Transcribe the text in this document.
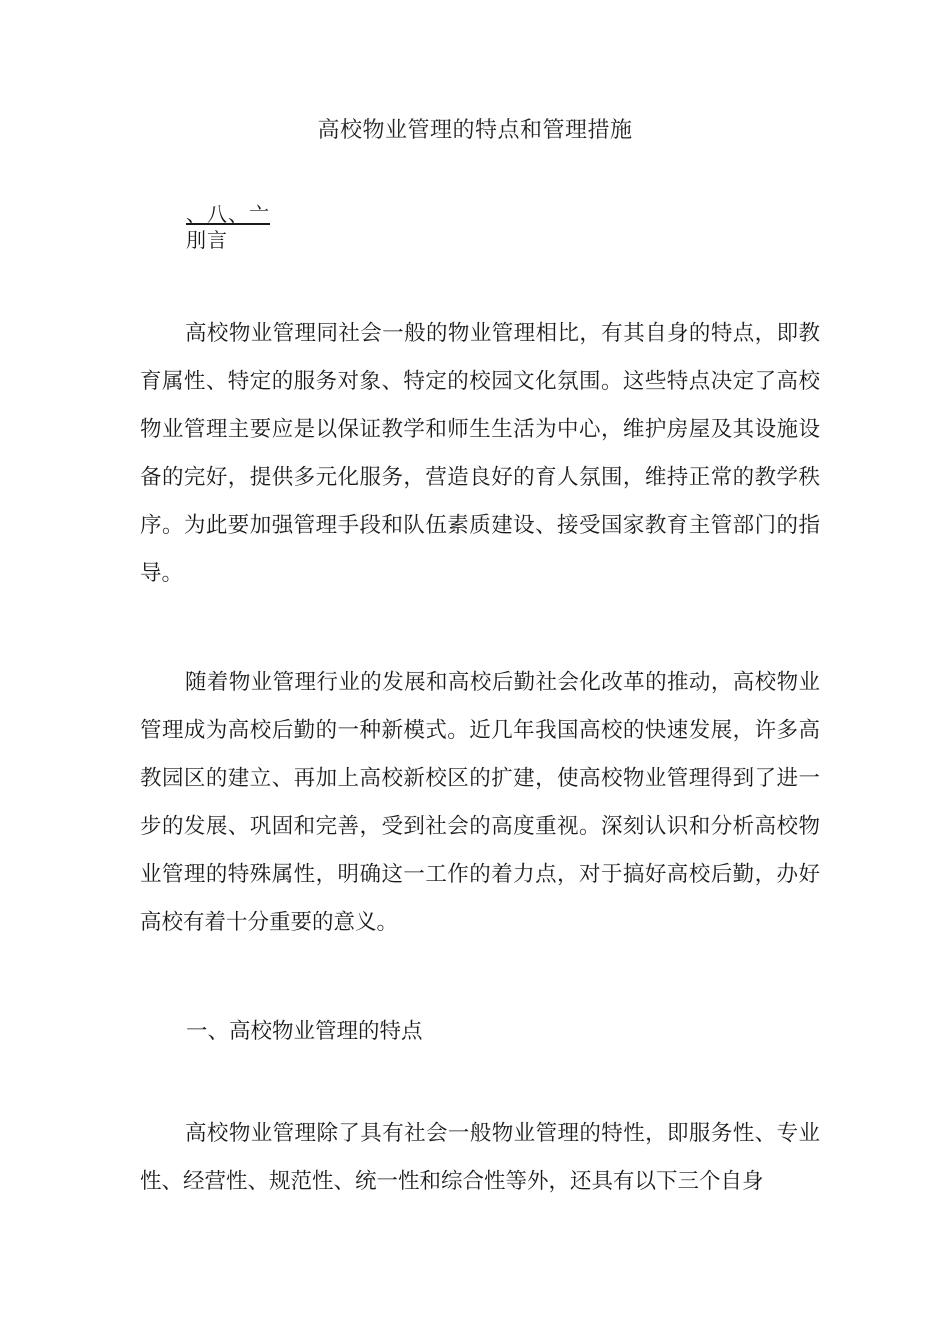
高校物业管理的特点和管理措施
、八、亠
刖言

高校物业管理同社会一般的物业管理相比，有其自身的特点，即教育属性、特定的服务对象、特定的校园文化氛围。这些特点决定了高校物业管理主要应是以保证教学和师生生活为中心，维护房屋及其设施设备的完好，提供多元化服务，营造良好的育人氛围，维持正常的教学秩序。为此要加强管理手段和队伍素质建设、接受国家教育主管部门的指导。

随着物业管理行业的发展和高校后勤社会化改革的推动，高校物业管理成为高校后勤的一种新模式。近几年我国高校的快速发展，许多高教园区的建立、再加上高校新校区的扩建，使高校物业管理得到了进一步的发展、巩固和完善，受到社会的高度重视。深刻认识和分析高校物业管理的特殊属性，明确这一工作的着力点，对于搞好高校后勤，办好高校有着十分重要的意义。

一、高校物业管理的特点

高校物业管理除了具有社会一般物业管理的特性，即服务性、专业性、经营性、规范性、统一性和综合性等外，还具有以下三个自身
